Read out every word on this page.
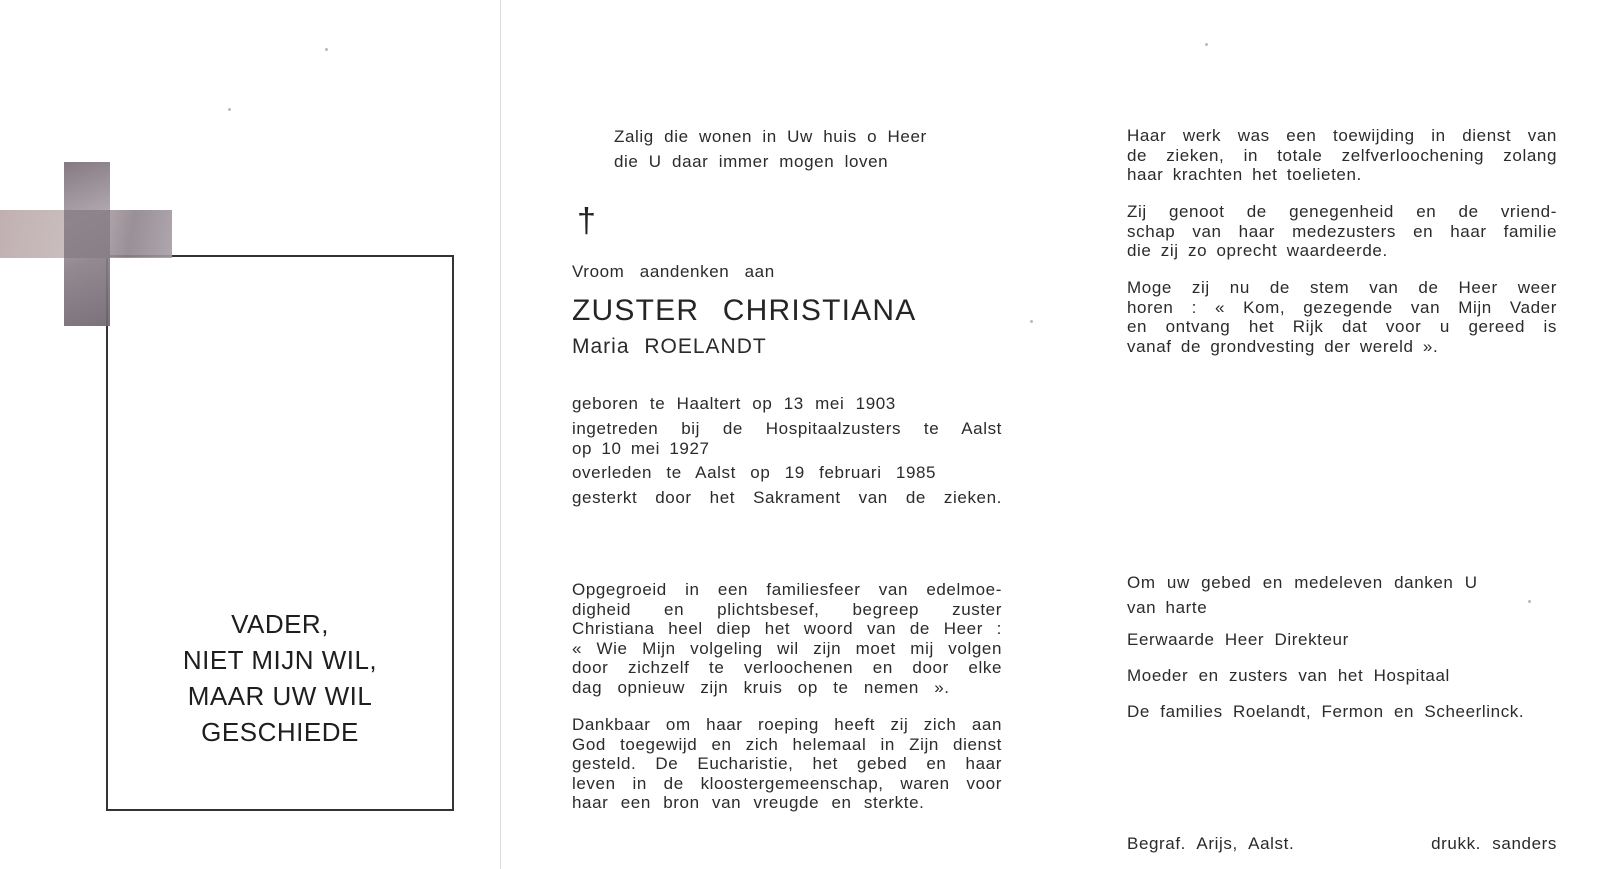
VADER,
NIET MIJN WIL,
MAAR UW WIL
GESCHIEDE
Zalig die wonen in Uw huis o Heer
die U daar immer mogen loven
†
Vroom aandenken aan
ZUSTER CHRISTIANA
Maria ROELANDT
geboren te Haaltert op 13 mei 1903
ingetreden bij de Hospitaalzusters te Aalst
op 10 mei 1927
overleden te Aalst op 19 februari 1985
gesterkt door het Sakrament van de zieken.
Opgegroeid in een familiesfeer van edelmoe-
digheid en plichtsbesef, begreep zuster
Christiana heel diep het woord van de Heer :
« Wie Mijn volgeling wil zijn moet mij volgen
door zichzelf te verloochenen en door elke
dag opnieuw zijn kruis op te nemen ».
Dankbaar om haar roeping heeft zij zich aan
God toegewijd en zich helemaal in Zijn dienst
gesteld. De Eucharistie, het gebed en haar
leven in de kloostergemeenschap, waren voor
haar een bron van vreugde en sterkte.
Haar werk was een toewijding in dienst van
de zieken, in totale zelfverloochening zolang
haar krachten het toelieten.
Zij genoot de genegenheid en de vriend-
schap van haar medezusters en haar familie
die zij zo oprecht waardeerde.
Moge zij nu de stem van de Heer weer
horen : « Kom, gezegende van Mijn Vader
en ontvang het Rijk dat voor u gereed is
vanaf de grondvesting der wereld ».
Om uw gebed en medeleven danken U
van harte
Eerwaarde Heer Direkteur
Moeder en zusters van het Hospitaal
De families Roelandt, Fermon en Scheerlinck.
Begraf. Arijs, Aalst.	drukk. sanders
